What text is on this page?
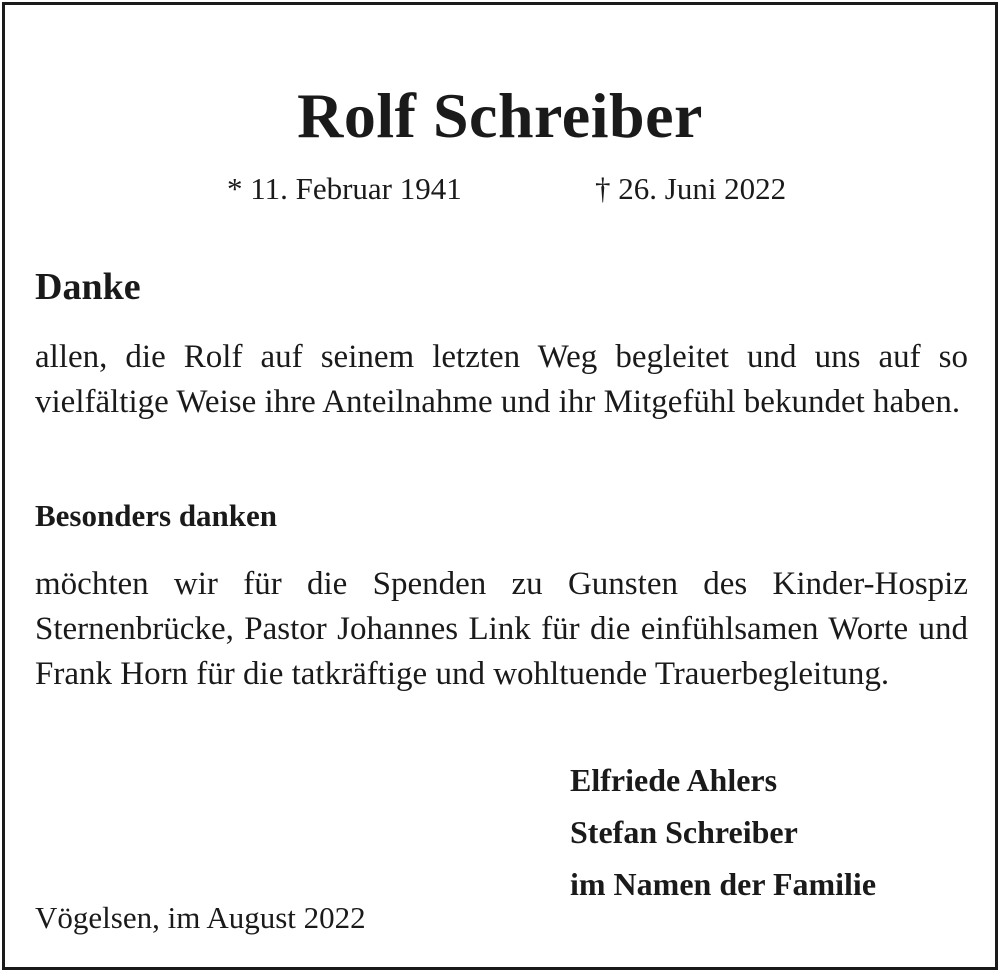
Rolf Schreiber
* 11. Februar 1941	† 26. Juni 2022
Danke
allen, die Rolf auf seinem letzten Weg begleitet und uns auf so vielfältige Weise ihre Anteilnahme und ihr Mitgefühl bekundet haben.
Besonders danken
möchten wir für die Spenden zu Gunsten des Kinder-Hospiz Sternenbrücke, Pastor Johannes Link für die einfühlsamen Worte und Frank Horn für die tatkräftige und wohltuende Trauerbegleitung.
Elfriede Ahlers
Stefan Schreiber
im Namen der Familie
Vögelsen, im August 2022
